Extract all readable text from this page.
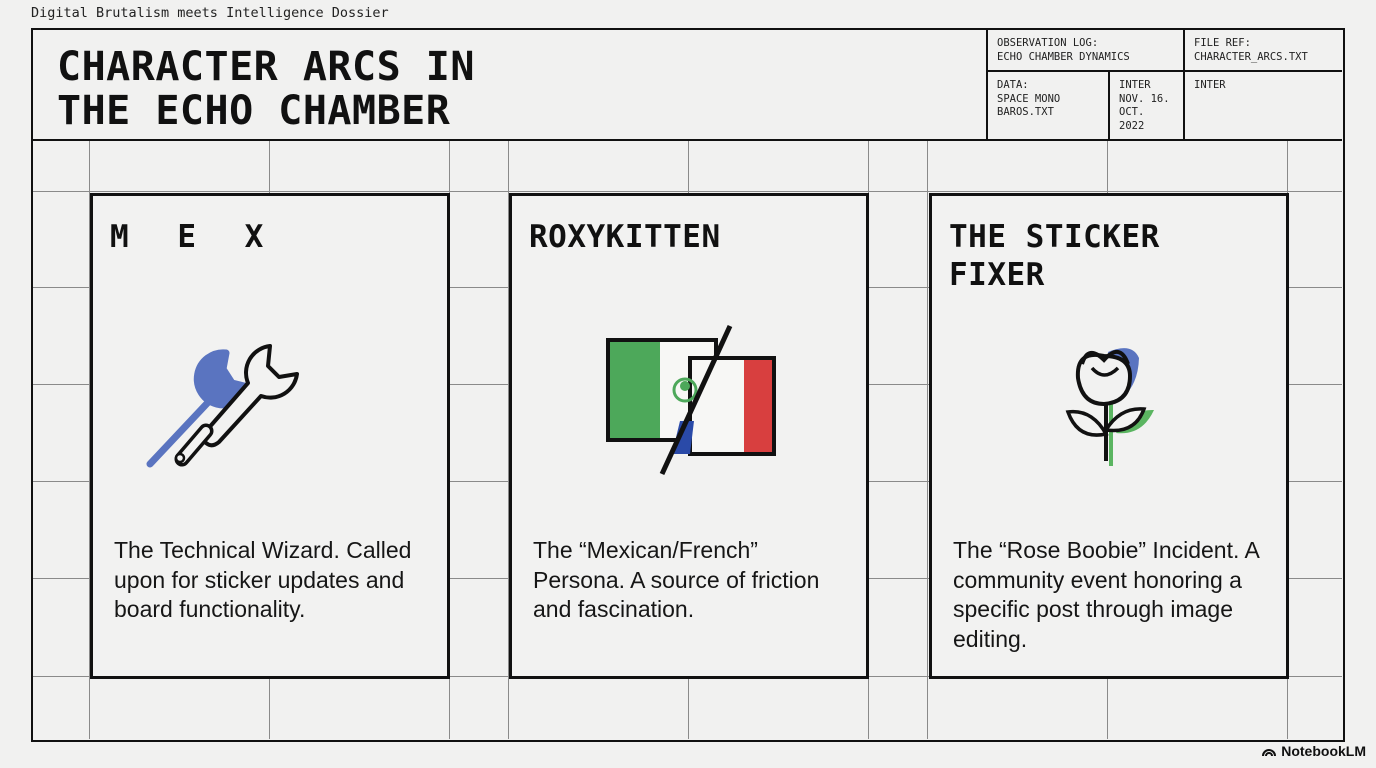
Digital Brutalism meets Intelligence Dossier
CHARACTER ARCS IN
THE ECHO CHAMBER
OBSERVATION LOG:
ECHO CHAMBER DYNAMICS
FILE REF:
CHARACTER_ARCS.TXT
DATA:
SPACE MONO
BAROS.TXT
INTER
NOV. 16.
OCT.
2022
INTER
M E X

The Technical Wizard. Called upon for sticker updates and board functionality.

ROXYKITTEN

The “Mexican/French” Persona. A source of friction and fascination.

THE STICKER FIXER

The “Rose Boobie” Incident. A community event honoring a specific post through image editing.

NotebookLM
